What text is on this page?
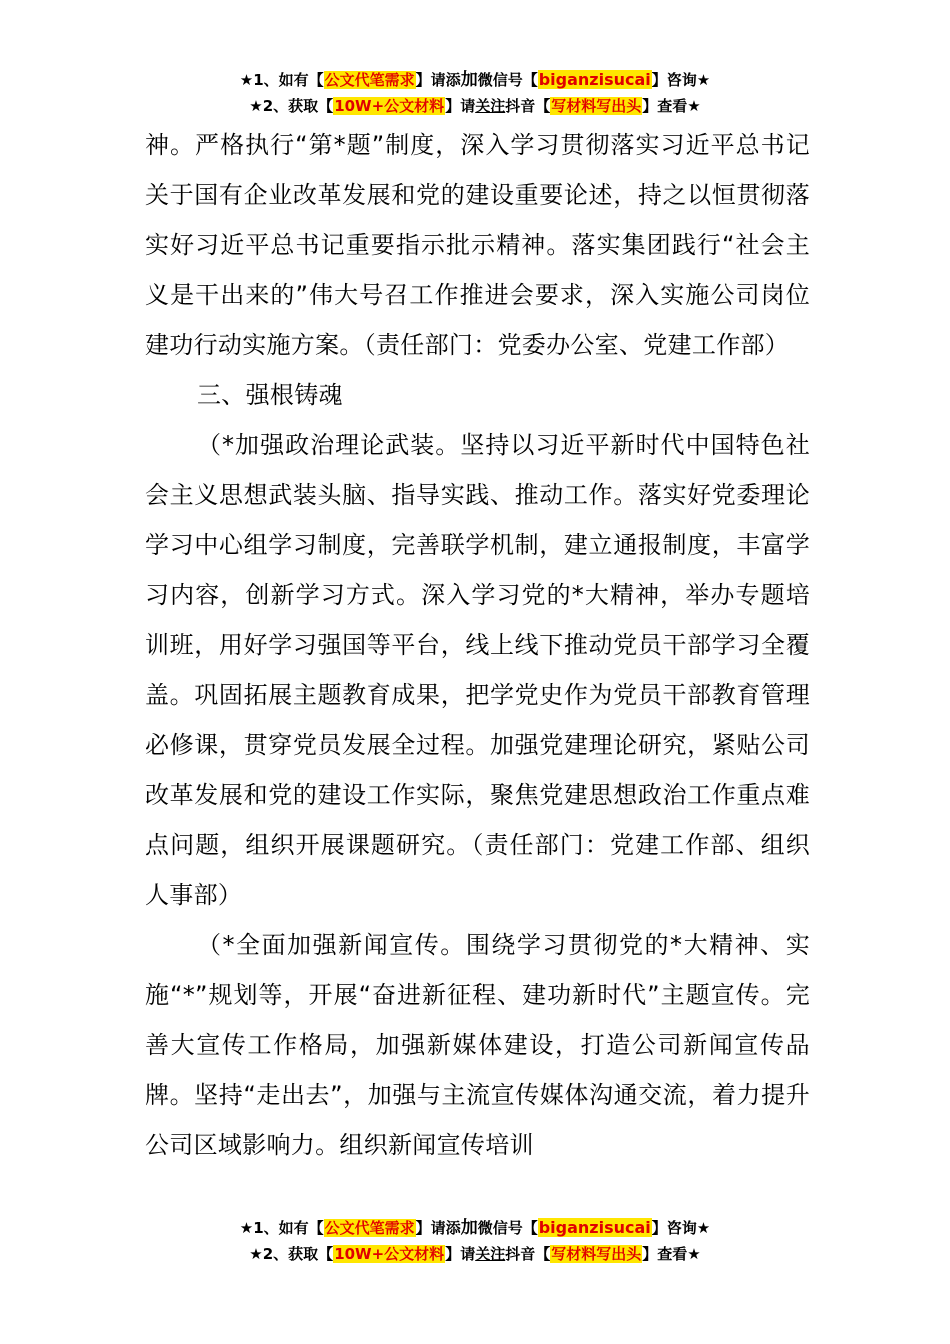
★1、如有【公文代笔需求】请添加微信号【biganzisucai】咨询★
★2、获取【10W+公文材料】请关注抖音【写材料写出头】查看★

神。严格执行“第*题”制度，深入学习贯彻落实习近平总书记关于国有企业改革发展和党的建设重要论述，持之以恒贯彻落实好习近平总书记重要指示批示精神。落实集团践行“社会主义是干出来的”伟大号召工作推进会要求，深入实施公司岗位建功行动实施方案。（责任部门：党委办公室、党建工作部）

三、强根铸魂

（*加强政治理论武装。坚持以习近平新时代中国特色社会主义思想武装头脑、指导实践、推动工作。落实好党委理论学习中心组学习制度，完善联学机制，建立通报制度，丰富学习内容，创新学习方式。深入学习党的*大精神，举办专题培训班，用好学习强国等平台，线上线下推动党员干部学习全覆盖。巩固拓展主题教育成果，把学党史作为党员干部教育管理必修课，贯穿党员发展全过程。加强党建理论研究，紧贴公司改革发展和党的建设工作实际，聚焦党建思想政治工作重点难点问题，组织开展课题研究。（责任部门：党建工作部、组织人事部）

（*全面加强新闻宣传。围绕学习贯彻党的*大精神、实施“*”规划等，开展“奋进新征程、建功新时代”主题宣传。完善大宣传工作格局，加强新媒体建设，打造公司新闻宣传品牌。坚持“走出去”，加强与主流宣传媒体沟通交流，着力提升公司区域影响力。组织新闻宣传培训

★1、如有【公文代笔需求】请添加微信号【biganzisucai】咨询★
★2、获取【10W+公文材料】请关注抖音【写材料写出头】查看★
